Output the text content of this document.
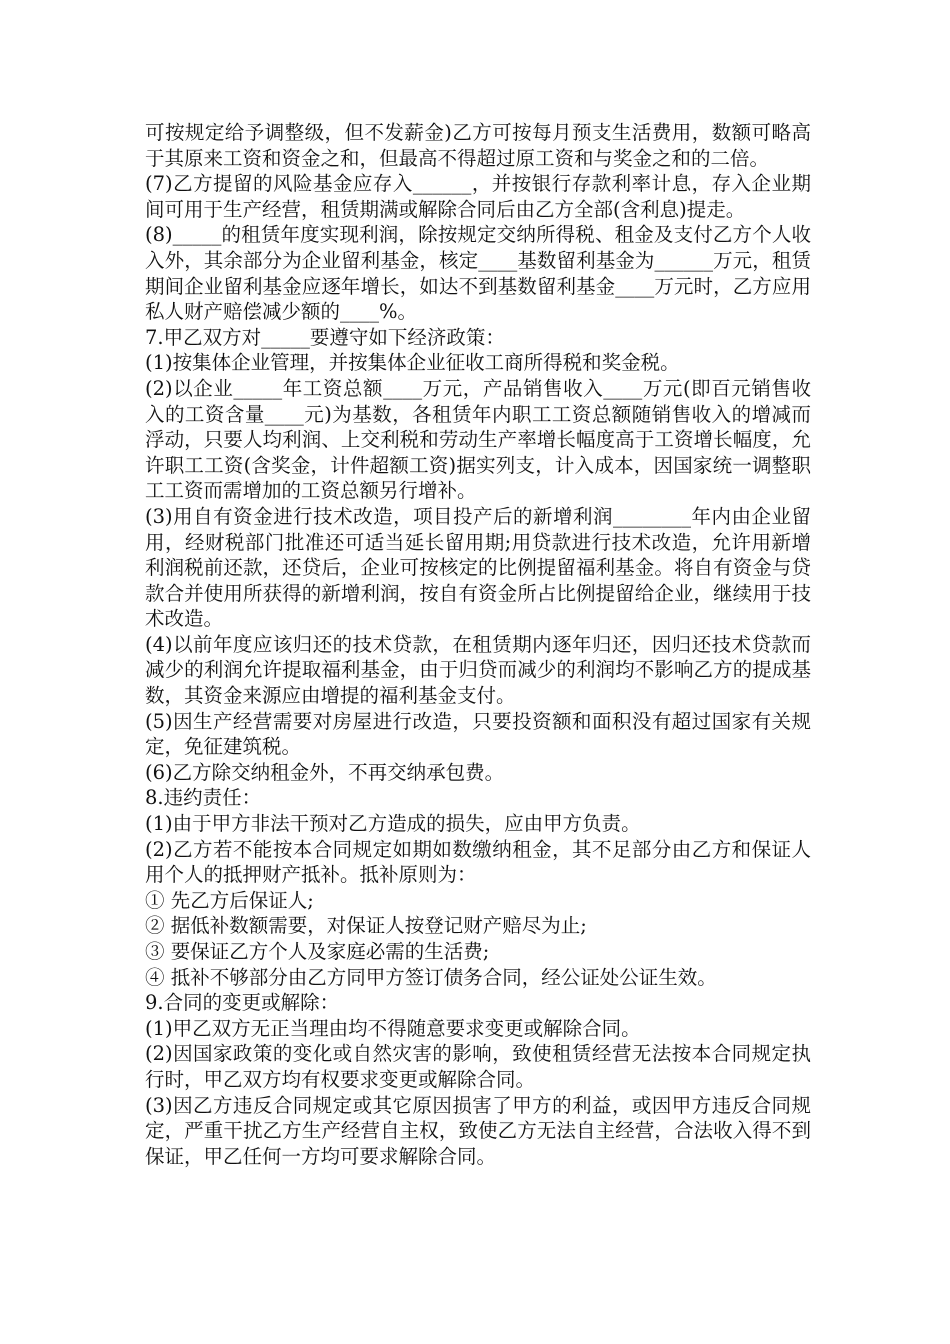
可按规定给予调整级，但不发薪金)乙方可按每月预支生活费用，数额可略高于其原来工资和资金之和，但最高不得超过原工资和与奖金之和的二倍。

(7)乙方提留的风险基金应存入______，并按银行存款利率计息，存入企业期间可用于生产经营，租赁期满或解除合同后由乙方全部(含利息)提走。

(8)_____的租赁年度实现利润，除按规定交纳所得税、租金及支付乙方个人收入外，其余部分为企业留利基金，核定____基数留利基金为______万元，租赁期间企业留利基金应逐年增长，如达不到基数留利基金____万元时，乙方应用私人财产赔偿减少额的____%。

7.甲乙双方对_____要遵守如下经济政策：

(1)按集体企业管理，并按集体企业征收工商所得税和奖金税。

(2)以企业_____年工资总额____万元，产品销售收入____万元(即百元销售收入的工资含量____元)为基数，各租赁年内职工工资总额随销售收入的增减而浮动，只要人均利润、上交利税和劳动生产率增长幅度高于工资增长幅度，允许职工工资(含奖金，计件超额工资)据实列支，计入成本，因国家统一调整职工工资而需增加的工资总额另行增补。

(3)用自有资金进行技术改造，项目投产后的新增利润________年内由企业留用，经财税部门批准还可适当延长留用期;用贷款进行技术改造，允许用新增利润税前还款，还贷后，企业可按核定的比例提留福利基金。将自有资金与贷款合并使用所获得的新增利润，按自有资金所占比例提留给企业，继续用于技术改造。

(4)以前年度应该归还的技术贷款，在租赁期内逐年归还，因归还技术贷款而减少的利润允许提取福利基金，由于归贷而减少的利润均不影响乙方的提成基数，其资金来源应由增提的福利基金支付。

(5)因生产经营需要对房屋进行改造，只要投资额和面积没有超过国家有关规定，免征建筑税。

(6)乙方除交纳租金外，不再交纳承包费。

8.违约责任：

(1)由于甲方非法干预对乙方造成的损失，应由甲方负责。

(2)乙方若不能按本合同规定如期如数缴纳租金，其不足部分由乙方和保证人用个人的抵押财产抵补。抵补原则为：

① 先乙方后保证人;

② 据低补数额需要，对保证人按登记财产赔尽为止;

③ 要保证乙方个人及家庭必需的生活费;

④ 抵补不够部分由乙方同甲方签订债务合同，经公证处公证生效。

9.合同的变更或解除：

(1)甲乙双方无正当理由均不得随意要求变更或解除合同。

(2)因国家政策的变化或自然灾害的影响，致使租赁经营无法按本合同规定执行时，甲乙双方均有权要求变更或解除合同。

(3)因乙方违反合同规定或其它原因损害了甲方的利益，或因甲方违反合同规定，严重干扰乙方生产经营自主权，致使乙方无法自主经营，合法收入得不到保证，甲乙任何一方均可要求解除合同。
